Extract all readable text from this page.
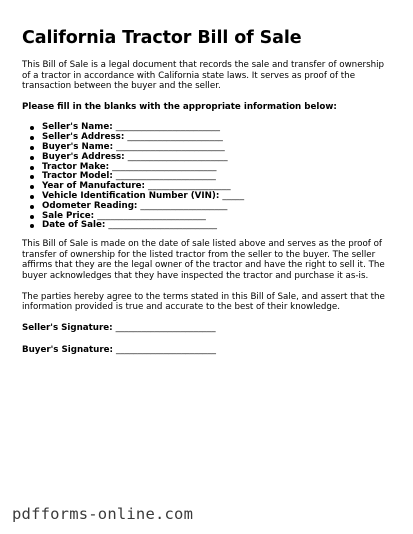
California Tractor Bill of Sale

This Bill of Sale is a legal document that records the sale and transfer of ownership of a tractor in accordance with California state laws. It serves as proof of the transaction between the buyer and the seller.

Please fill in the blanks with the appropriate information below:

Seller's Name: ________________________
Seller's Address: ______________________
Buyer's Name: _________________________
Buyer's Address: _______________________
Tractor Make: ________________________
Tractor Model: _______________________
Year of Manufacture: ___________________
Vehicle Identification Number (VIN): _____
Odometer Reading: ____________________
Sale Price: _________________________
Date of Sale: _________________________

This Bill of Sale is made on the date of sale listed above and serves as the proof of transfer of ownership for the listed tractor from the seller to the buyer. The seller affirms that they are the legal owner of the tractor and have the right to sell it. The buyer acknowledges that they have inspected the tractor and purchase it as-is.

The parties hereby agree to the terms stated in this Bill of Sale, and assert that the information provided is true and accurate to the best of their knowledge.

Seller's Signature: _______________________

Buyer's Signature: _______________________

pdfforms-online.com
